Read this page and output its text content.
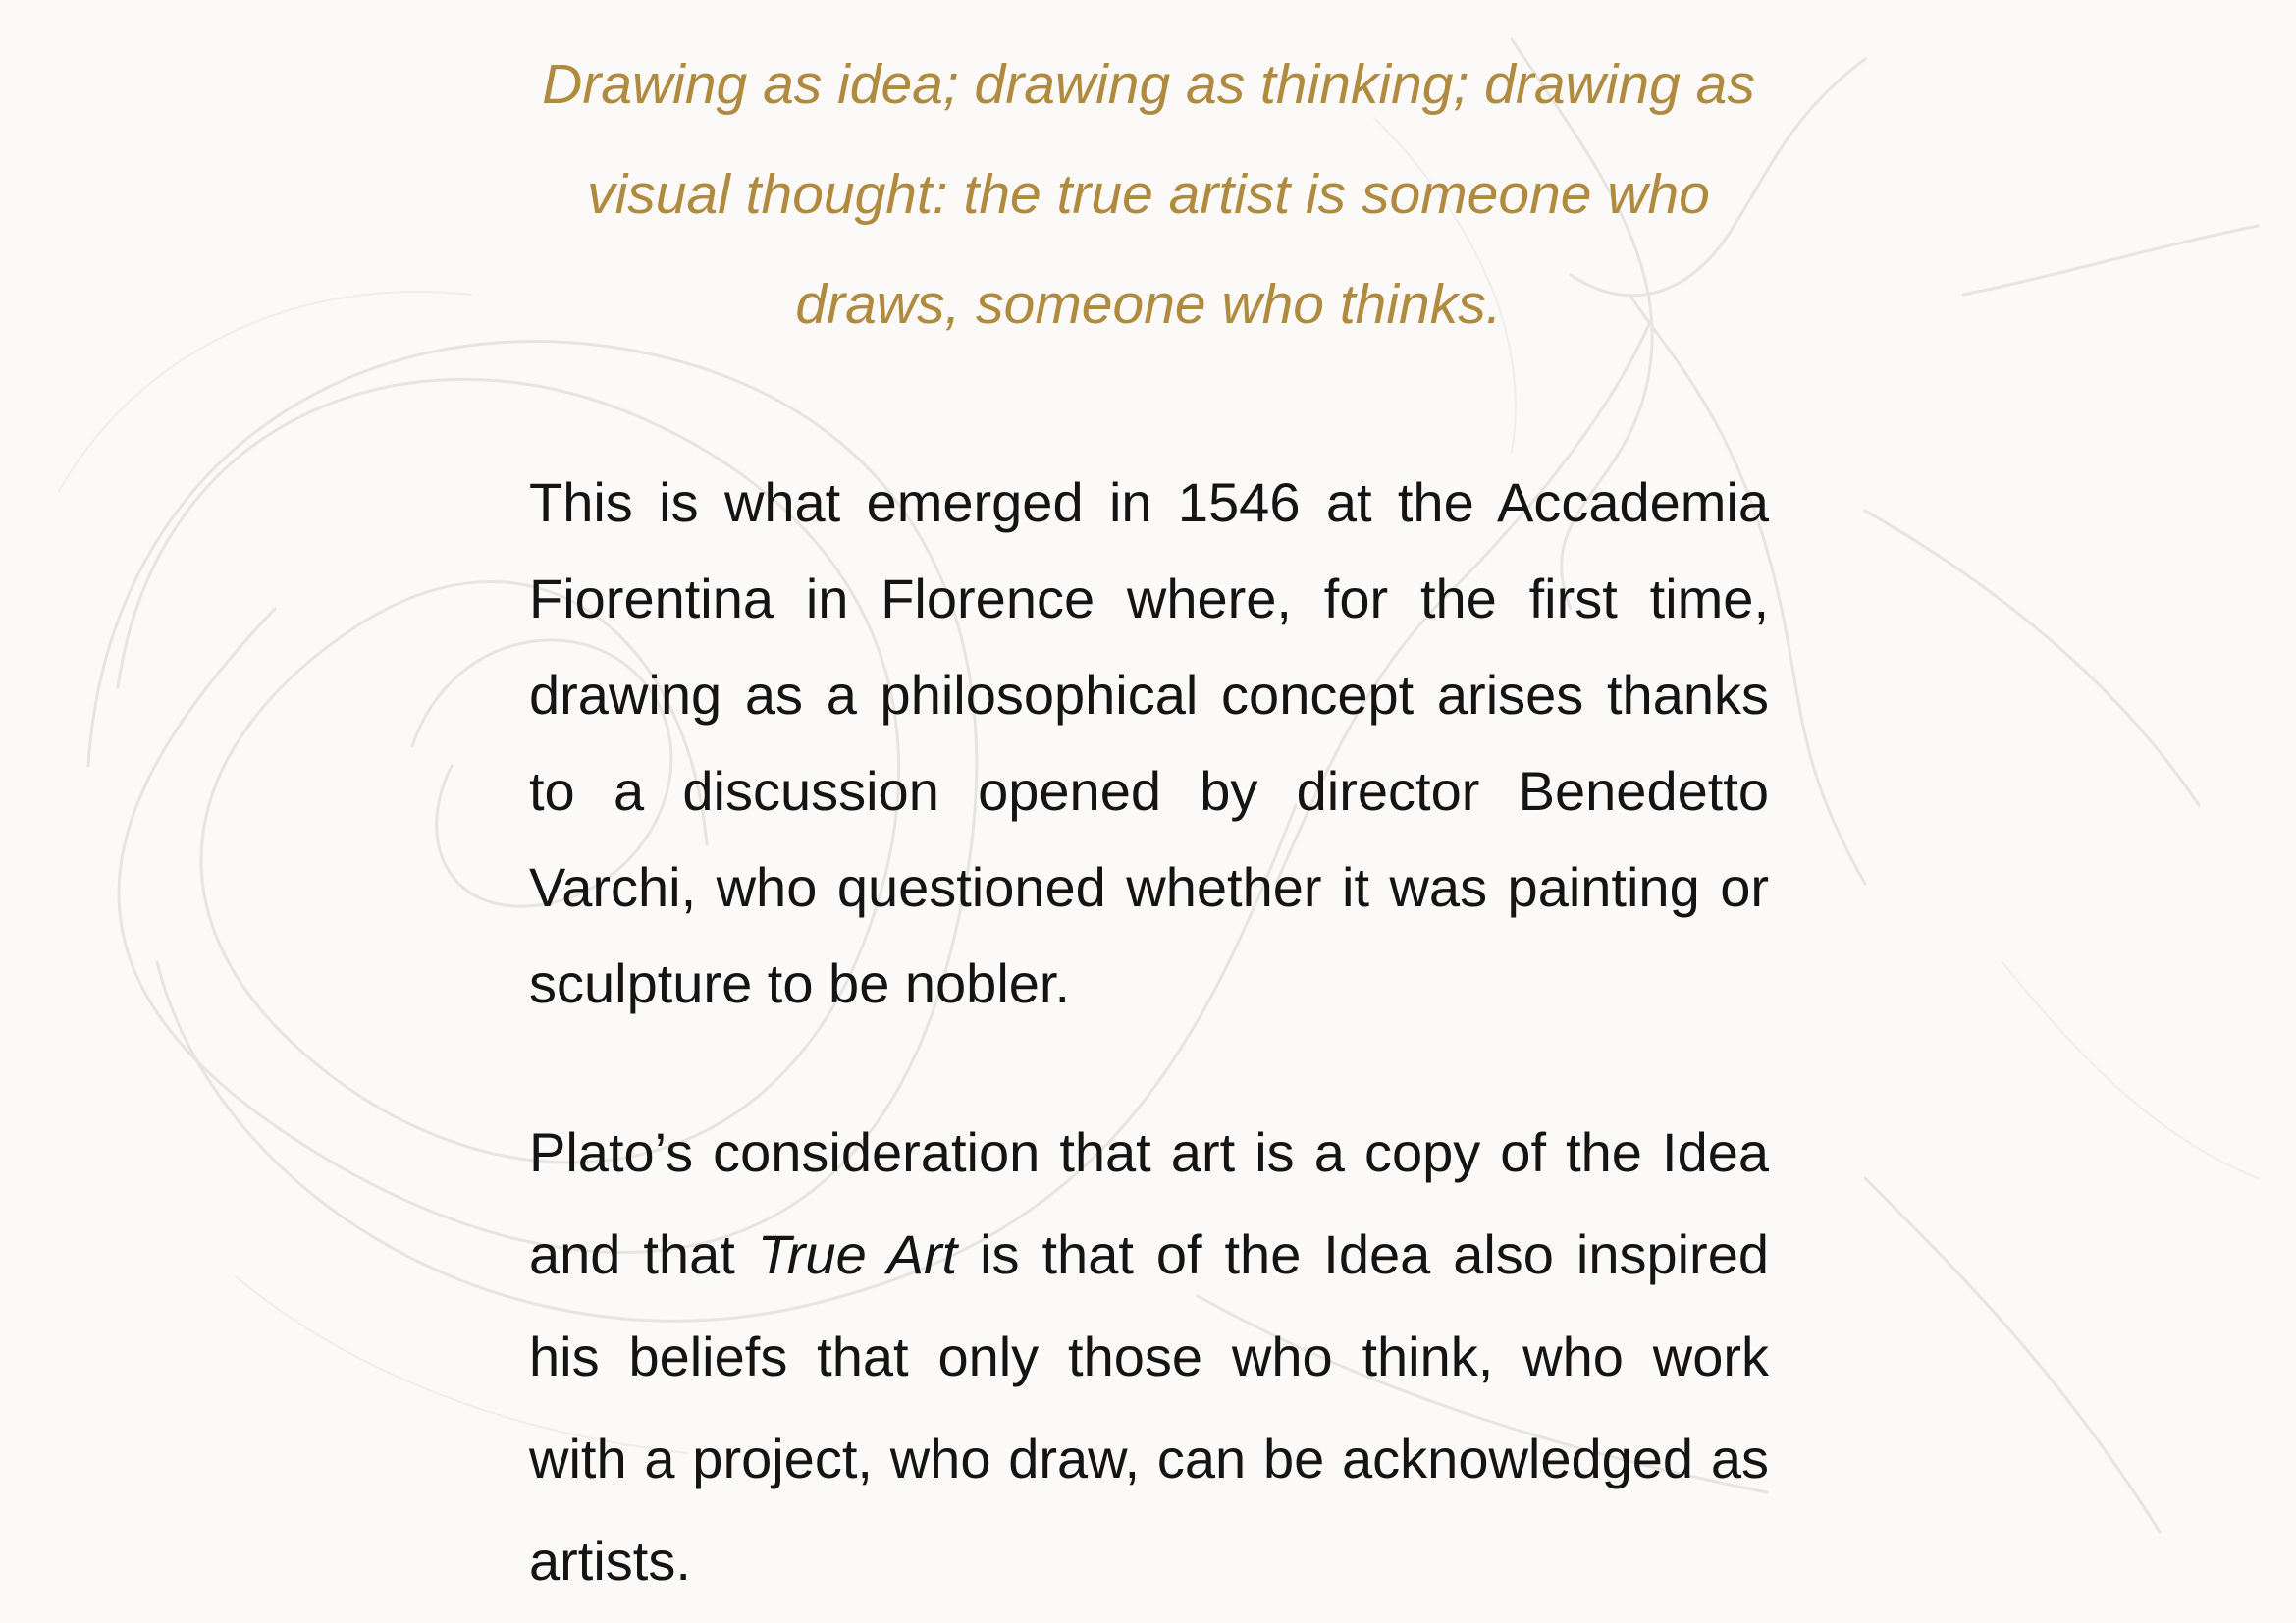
Drawing as idea; drawing as thinking; drawing as visual thought: the true artist is someone who draws, someone who thinks.

This is what emerged in 1546 at the Accademia Fiorentina in Florence where, for the first time, drawing as a philosophical concept arises thanks to a discussion opened by director Benedetto Varchi, who questioned whether it was painting or sculpture to be nobler.

Plato’s consideration that art is a copy of the Idea and that True Art is that of the Idea also inspired his beliefs that only those who think, who work with a project, who draw, can be acknowledged as artists.
